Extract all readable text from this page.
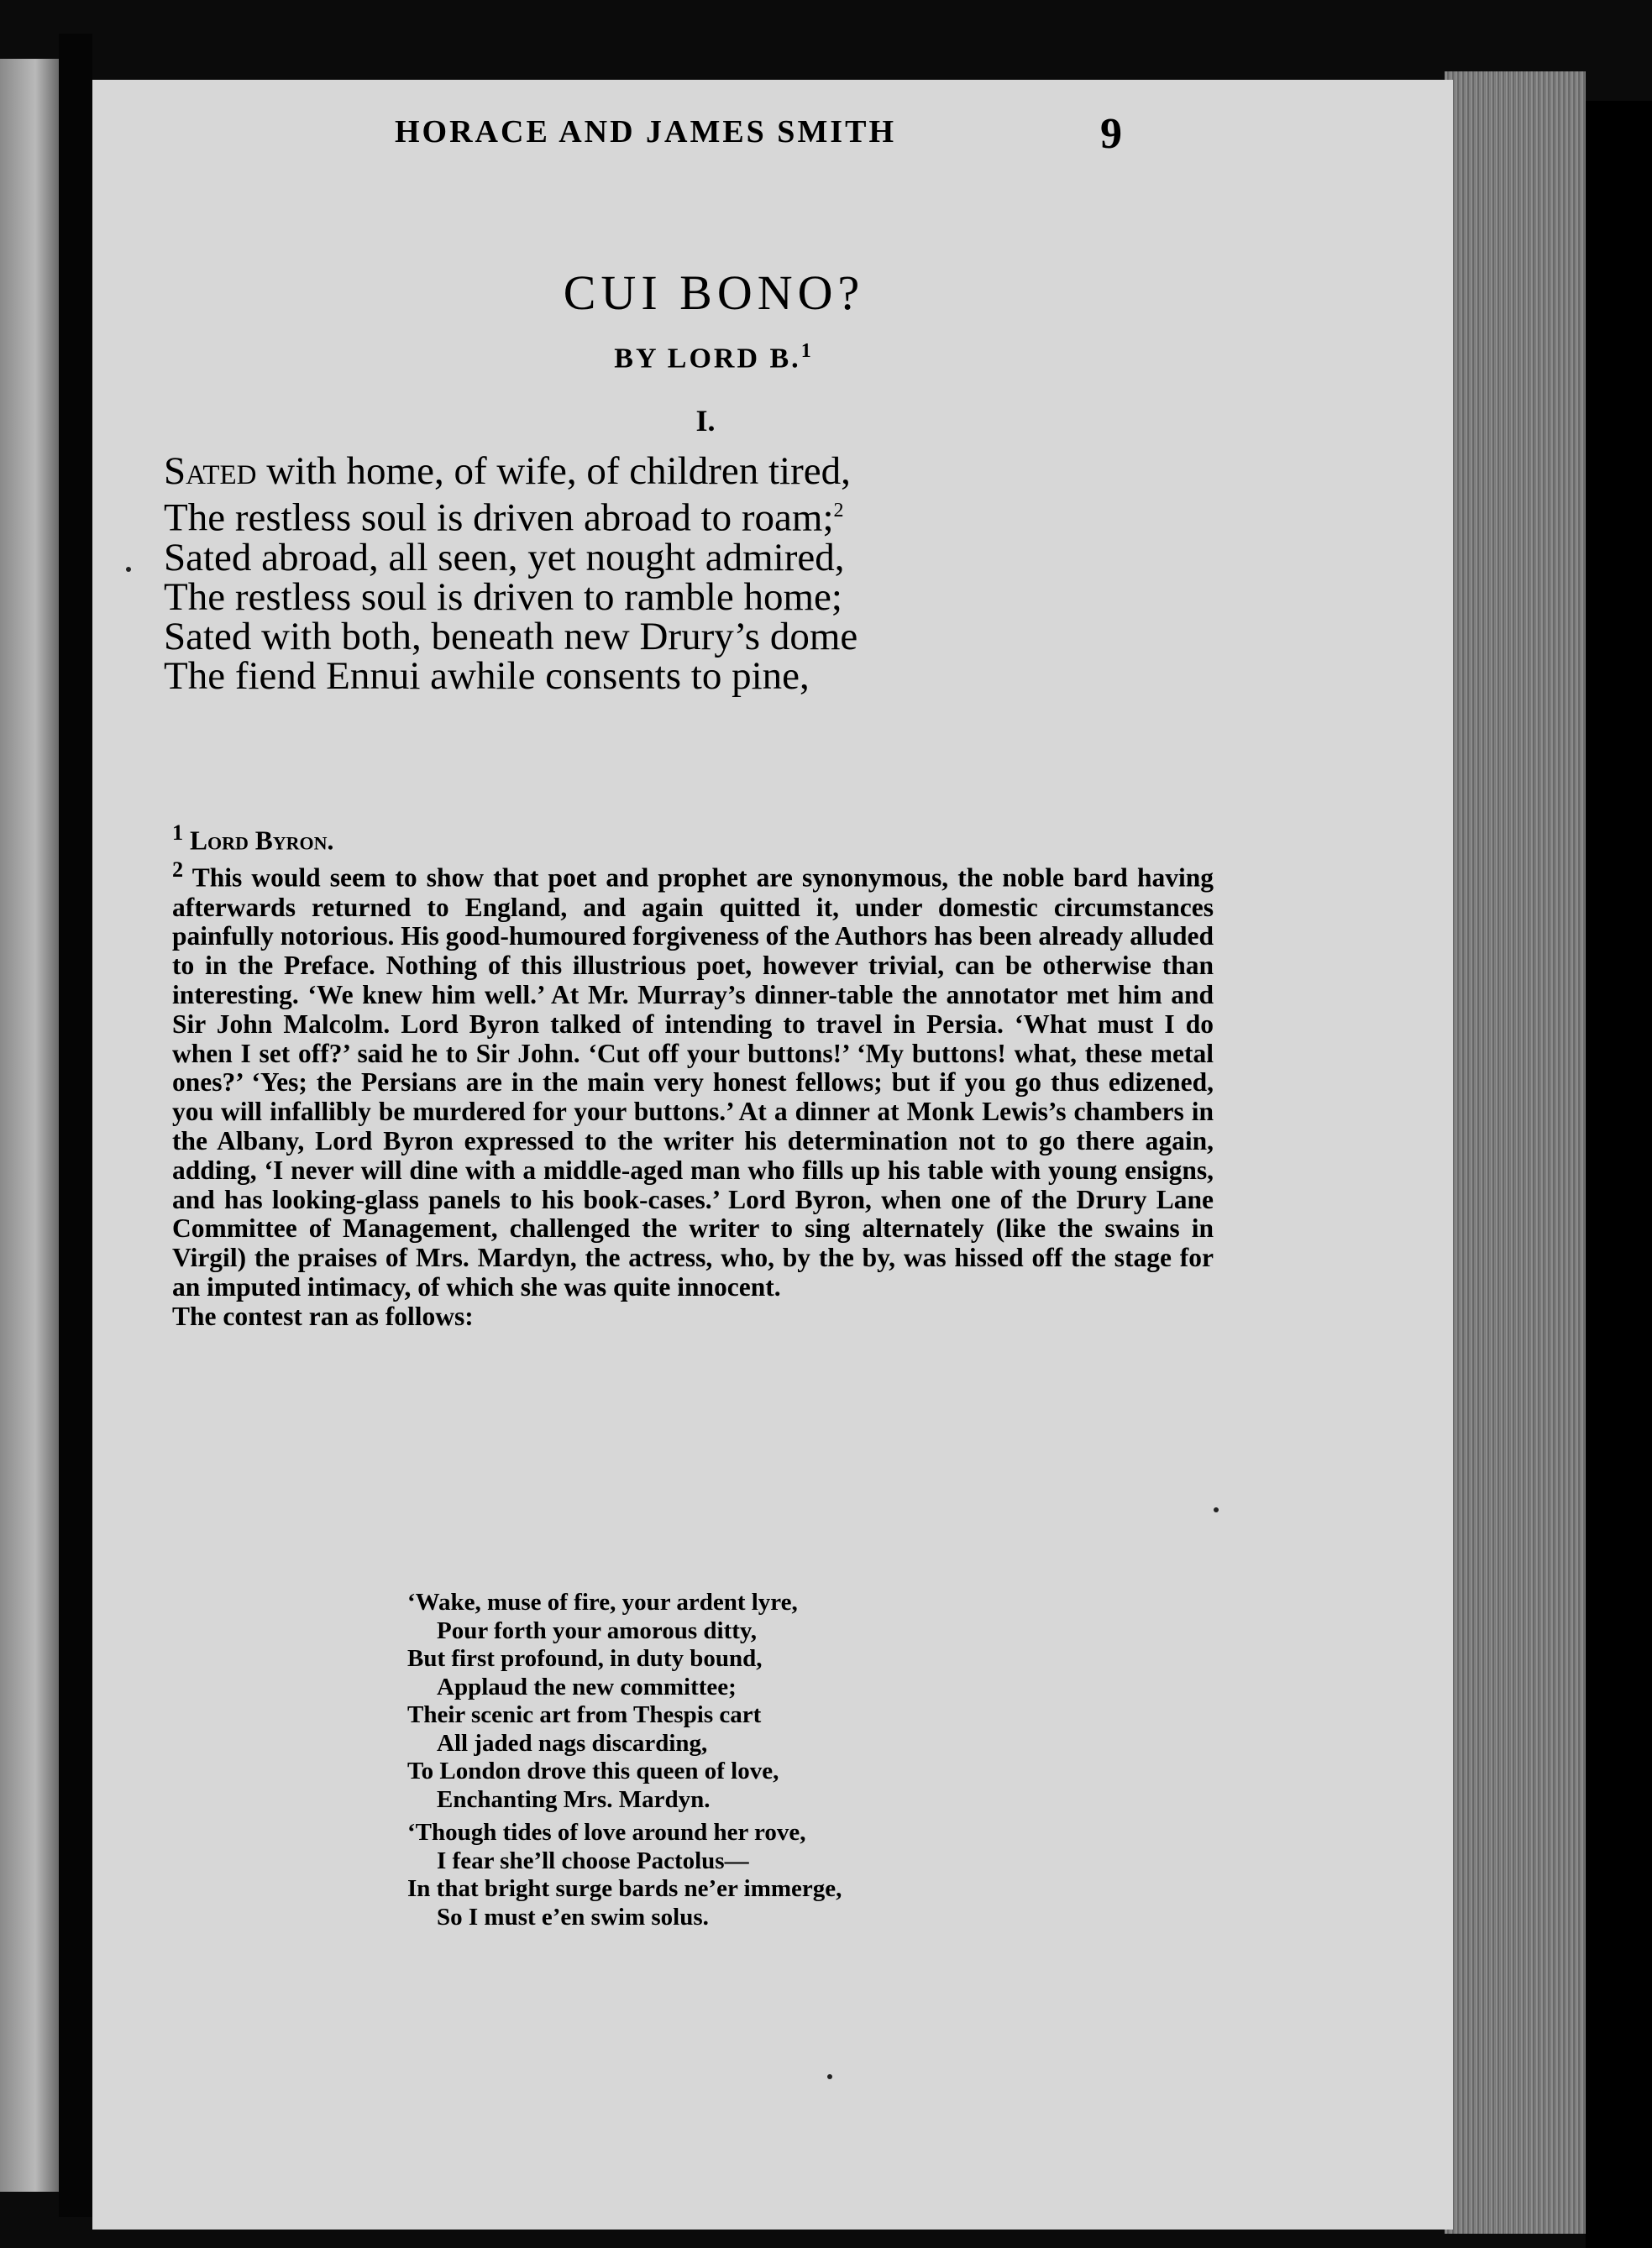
HORACE AND JAMES SMITH	9
CUI BONO?
BY LORD B.$^1$
I.
Sated with home, of wife, of children tired,
The restless soul is driven abroad to roam;$^2$
Sated abroad, all seen, yet nought admired,
The restless soul is driven to ramble home;
Sated with both, beneath new Drury’s dome
The fiend Ennui awhile consents to pine,

$^1$ Lord Byron.

$^2$ This would seem to show that poet and prophet are synonymous, the noble bard having afterwards returned to England, and again quitted it, under domestic circumstances painfully notorious. His good-humoured forgiveness of the Authors has been already alluded to in the Preface. Nothing of this illustrious poet, however trivial, can be otherwise than interesting. ‘We knew him well.’ At Mr. Murray’s dinner-table the annotator met him and Sir John Malcolm. Lord Byron talked of intending to travel in Persia. ‘What must I do when I set off?’ said he to Sir John. ‘Cut off your buttons!’ ‘My buttons! what, these metal ones?’ ‘Yes; the Persians are in the main very honest fellows; but if you go thus edizened, you will infallibly be murdered for your buttons.’ At a dinner at Monk Lewis’s chambers in the Albany, Lord Byron expressed to the writer his determination not to go there again, adding, ‘I never will dine with a middle-aged man who fills up his table with young ensigns, and has looking-glass panels to his book-cases.’ Lord Byron, when one of the Drury Lane Committee of Management, challenged the writer to sing alternately (like the swains in Virgil) the praises of Mrs. Mardyn, the actress, who, by the by, was hissed off the stage for an imputed intimacy, of which she was quite innocent.

The contest ran as follows:

‘Wake, muse of fire, your ardent lyre,
Pour forth your amorous ditty,
But first profound, in duty bound,
Applaud the new committee;
Their scenic art from Thespis cart
All jaded nags discarding,
To London drove this queen of love,
Enchanting Mrs. Mardyn.
‘Though tides of love around her rove,
I fear she’ll choose Pactolus—
In that bright surge bards ne’er immerge,
So I must e’en swim solus.
